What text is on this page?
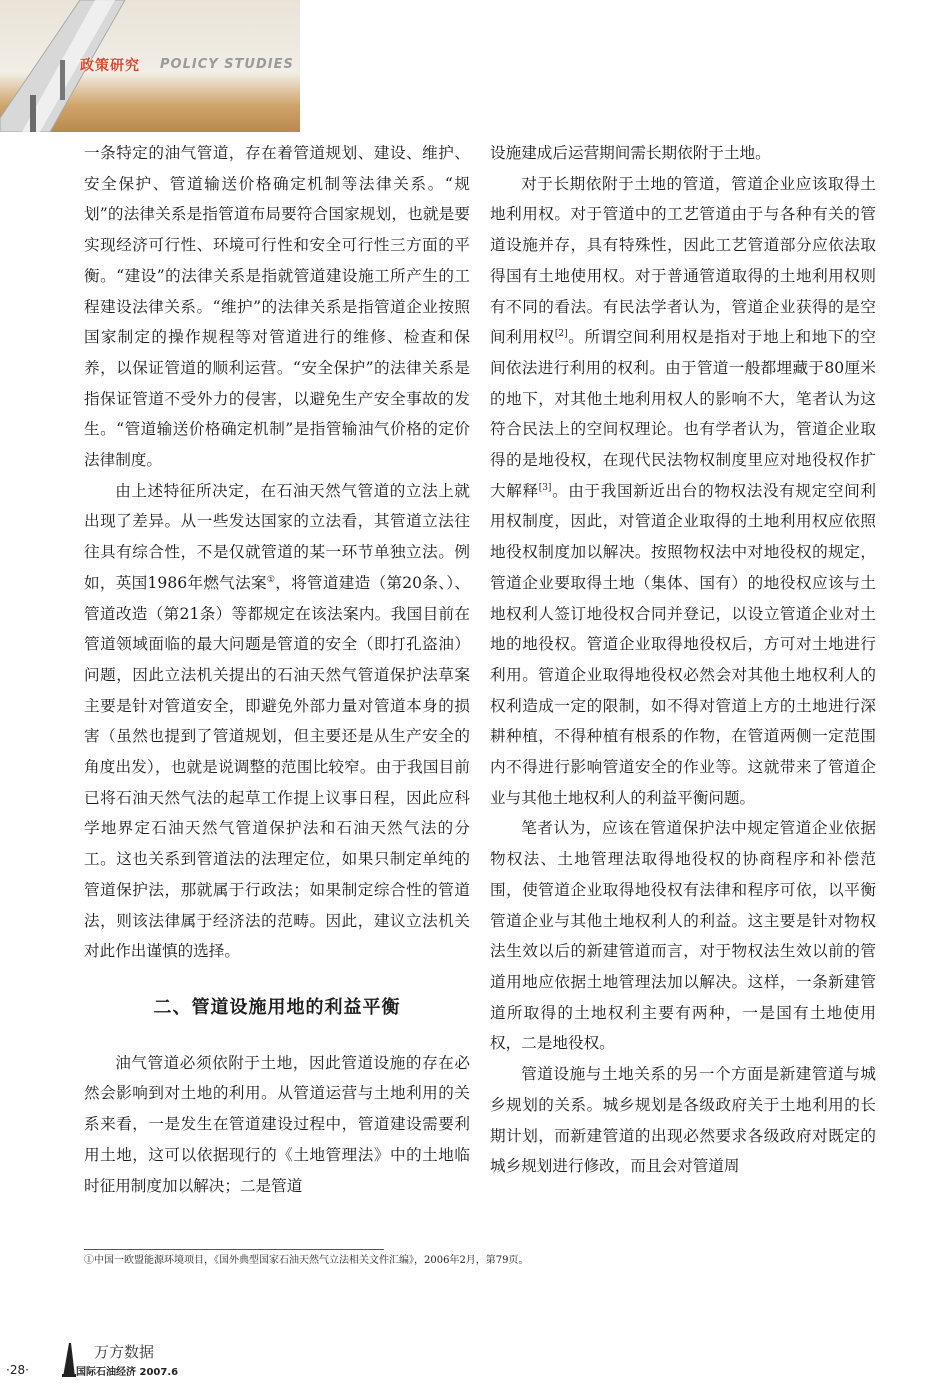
政策研究 POLICY STUDIES

一条特定的油气管道，存在着管道规划、建设、维护、安全保护、管道输送价格确定机制等法律关系。“规划”的法律关系是指管道布局要符合国家规划，也就是要实现经济可行性、环境可行性和安全可行性三方面的平衡。“建设”的法律关系是指就管道建设施工所产生的工程建设法律关系。“维护”的法律关系是指管道企业按照国家制定的操作规程等对管道进行的维修、检查和保养，以保证管道的顺利运营。“安全保护”的法律关系是指保证管道不受外力的侵害，以避免生产安全事故的发生。“管道输送价格确定机制”是指管输油气价格的定价法律制度。

由上述特征所决定，在石油天然气管道的立法上就出现了差异。从一些发达国家的立法看，其管道立法往往具有综合性，不是仅就管道的某一环节单独立法。例如，英国1986年燃气法案①，将管道建造（第20条、）、管道改造（第21条）等都规定在该法案内。我国目前在管道领域面临的最大问题是管道的安全（即打孔盗油）问题，因此立法机关提出的石油天然气管道保护法草案主要是针对管道安全，即避免外部力量对管道本身的损害（虽然也提到了管道规划，但主要还是从生产安全的角度出发），也就是说调整的范围比较窄。由于我国目前已将石油天然气法的起草工作提上议事日程，因此应科学地界定石油天然气管道保护法和石油天然气法的分工。这也关系到管道法的法理定位，如果只制定单纯的管道保护法，那就属于行政法；如果制定综合性的管道法，则该法律属于经济法的范畴。因此，建议立法机关对此作出谨慎的选择。

二、管道设施用地的利益平衡

油气管道必须依附于土地，因此管道设施的存在必然会影响到对土地的利用。从管道运营与土地利用的关系来看，一是发生在管道建设过程中，管道建设需要利用土地，这可以依据现行的《土地管理法》中的土地临时征用制度加以解决；二是管道

设施建成后运营期间需长期依附于土地。

对于长期依附于土地的管道，管道企业应该取得土地利用权。对于管道中的工艺管道由于与各种有关的管道设施并存，具有特殊性，因此工艺管道部分应依法取得国有土地使用权。对于普通管道取得的土地利用权则有不同的看法。有民法学者认为，管道企业获得的是空间利用权[2]。所谓空间利用权是指对于地上和地下的空间依法进行利用的权利。由于管道一般都埋藏于80厘米的地下，对其他土地利用权人的影响不大，笔者认为这符合民法上的空间权理论。也有学者认为，管道企业取得的是地役权，在现代民法物权制度里应对地役权作扩大解释[3]。由于我国新近出台的物权法没有规定空间利用权制度，因此，对管道企业取得的土地利用权应依照地役权制度加以解决。按照物权法中对地役权的规定，管道企业要取得土地（集体、国有）的地役权应该与土地权利人签订地役权合同并登记，以设立管道企业对土地的地役权。管道企业取得地役权后，方可对土地进行利用。管道企业取得地役权必然会对其他土地权利人的权利造成一定的限制，如不得对管道上方的土地进行深耕种植，不得种植有根系的作物，在管道两侧一定范围内不得进行影响管道安全的作业等。这就带来了管道企业与其他土地权利人的利益平衡问题。

笔者认为，应该在管道保护法中规定管道企业依据物权法、土地管理法取得地役权的协商程序和补偿范围，使管道企业取得地役权有法律和程序可依，以平衡管道企业与其他土地权利人的利益。这主要是针对物权法生效以后的新建管道而言，对于物权法生效以前的管道用地应依据土地管理法加以解决。这样，一条新建管道所取得的土地权利主要有两种，一是国有土地使用权，二是地役权。

管道设施与土地关系的另一个方面是新建管道与城乡规划的关系。城乡规划是各级政府关于土地利用的长期计划，而新建管道的出现必然要求各级政府对既定的城乡规划进行修改，而且会对管道周

①中国一欧盟能源环境项目，《国外典型国家石油天然气立法相关文件汇编》，2006年2月，第79页。
·28·
万方数据
国际石油经济 2007.6
